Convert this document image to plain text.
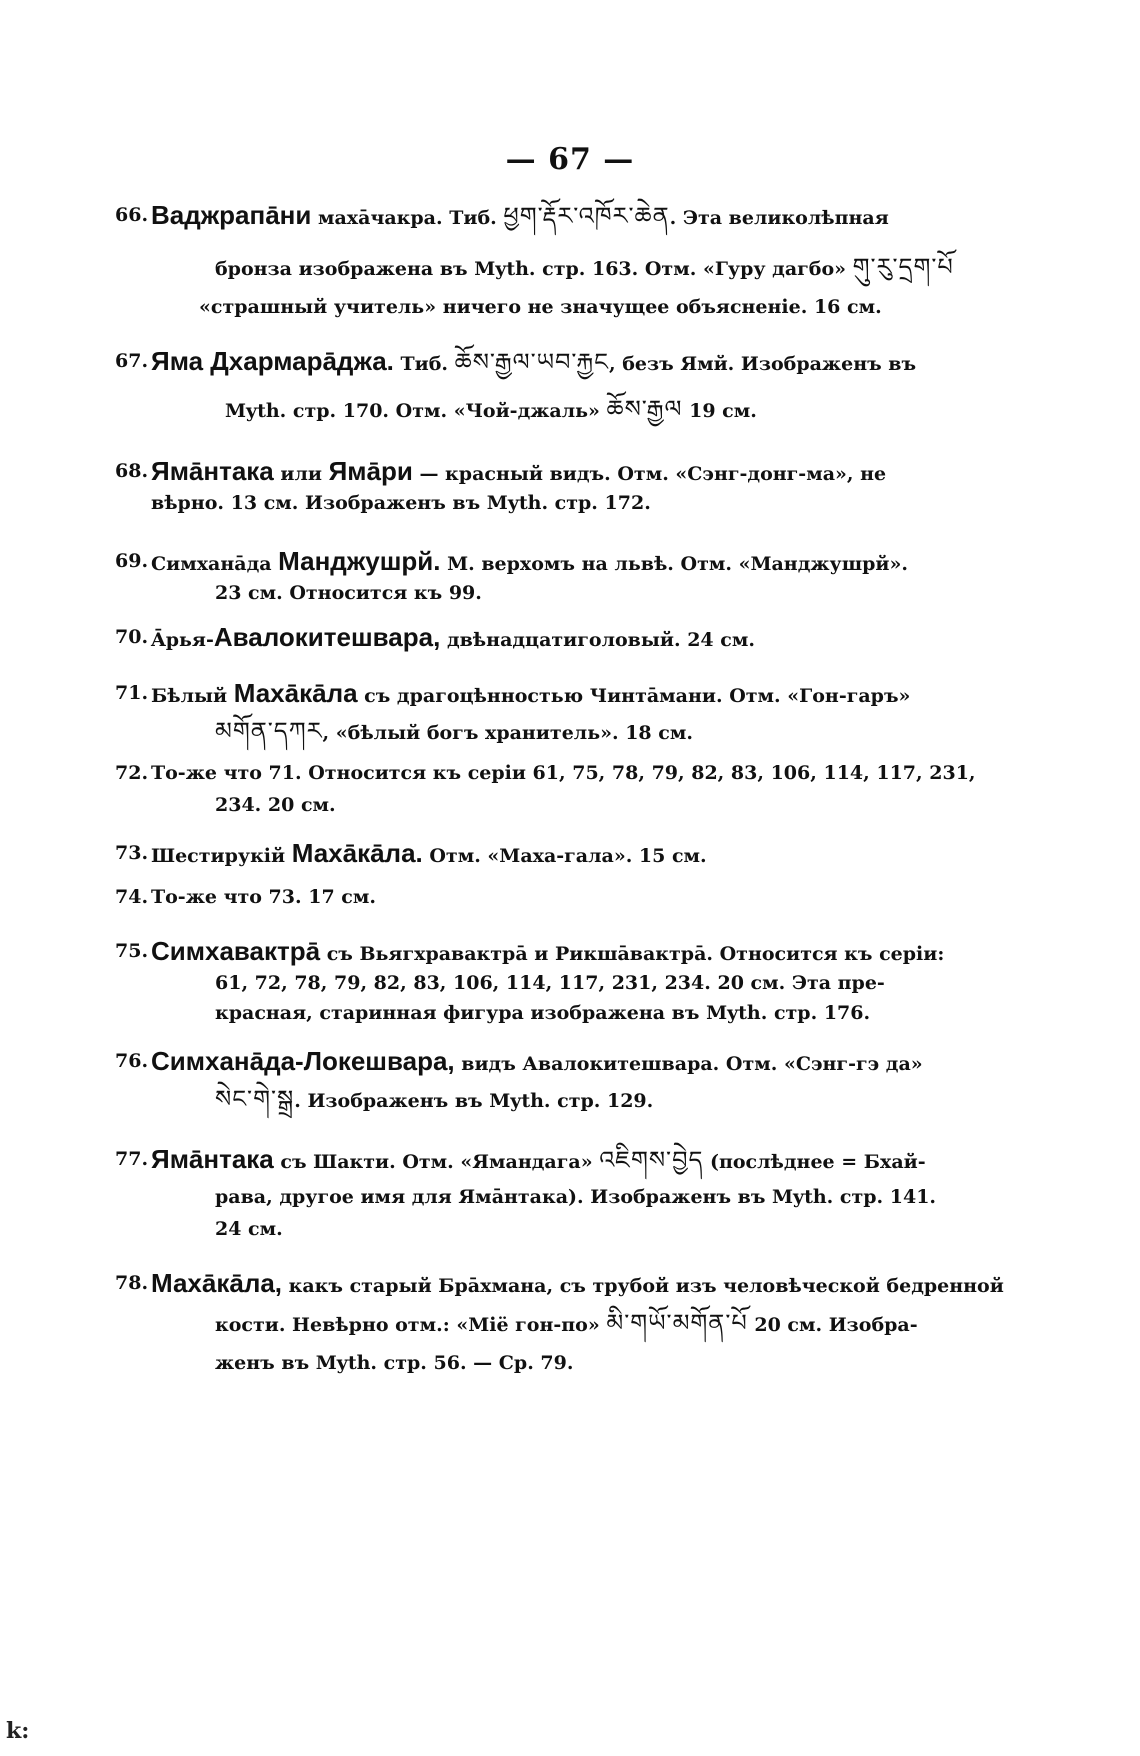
— 67 —
66. Ваджрапāни махāчакра. Тиб. ཕྱག་རྡོར་འཁོར་ཆེན. Эта великолѣпная
бронза изображена въ Myth. стр. 163. Отм. «Гуру дагбо» གུ་རུ་དྲག་པོ
«страшный учитель» ничего не значущее объясненіе. 16 см.
67. Яма Дхармарāджа. Тиб. ཆོས་རྒྱལ་ཡབ་རྐྱང, безъ Ямй. Изображенъ въ
Myth. стр. 170. Отм. «Чой-джаль» ཆོས་རྒྱལ 19 см.
68. Ямāнтака или Ямāри — красный видъ. Отм. «Сэнг-донг-ма», не
вѣрно. 13 см. Изображенъ въ Myth. стр. 172.
69. Симханāда Манджушрй. М. верхомъ на львѣ. Отм. «Манджушрй».
23 см. Относится къ 99.
70. Āрья-Авалокитешвара, двѣнадцатиголовый. 24 см.
71. Бѣлый Махāкāла съ драгоцѣнностью Чинтāмани. Отм. «Гон-гаръ»
མགོན་དཀར, «бѣлый богъ хранитель». 18 см.
72. То-же что 71. Относится къ серіи 61, 75, 78, 79, 82, 83, 106, 114, 117, 231,
234. 20 см.
73. Шестирукій Махāкāла. Отм. «Маха-гала». 15 см.
74. То-же что 73. 17 см.
75. Симхавактрā съ Вьягхравактрā и Рикшāвактрā. Относится къ серіи:
61, 72, 78, 79, 82, 83, 106, 114, 117, 231, 234. 20 см. Эта пре-
красная, старинная фигура изображена въ Myth. стр. 176.
76. Симханāда-Локешвара, видъ Авалокитешвара. Отм. «Сэнг-гэ да»
སེང་གེ་སྒྲ. Изображенъ въ Myth. стр. 129.
77. Ямāнтака съ Шакти. Отм. «Ямандага» འཇིགས་བྱེད (послѣднее = Бхай-
рава, другое имя для Ямāнтака). Изображенъ въ Myth. стр. 141.
24 см.
78. Махāкāла, какъ старый Брāхмана, съ трубой изъ человѣческой бедренной
кости. Невѣрно отм.: «Міё гон-по» མི་གཡོ་མགོན་པོ 20 см. Изобра-
женъ въ Myth. стр. 56. — Ср. 79.
k:
